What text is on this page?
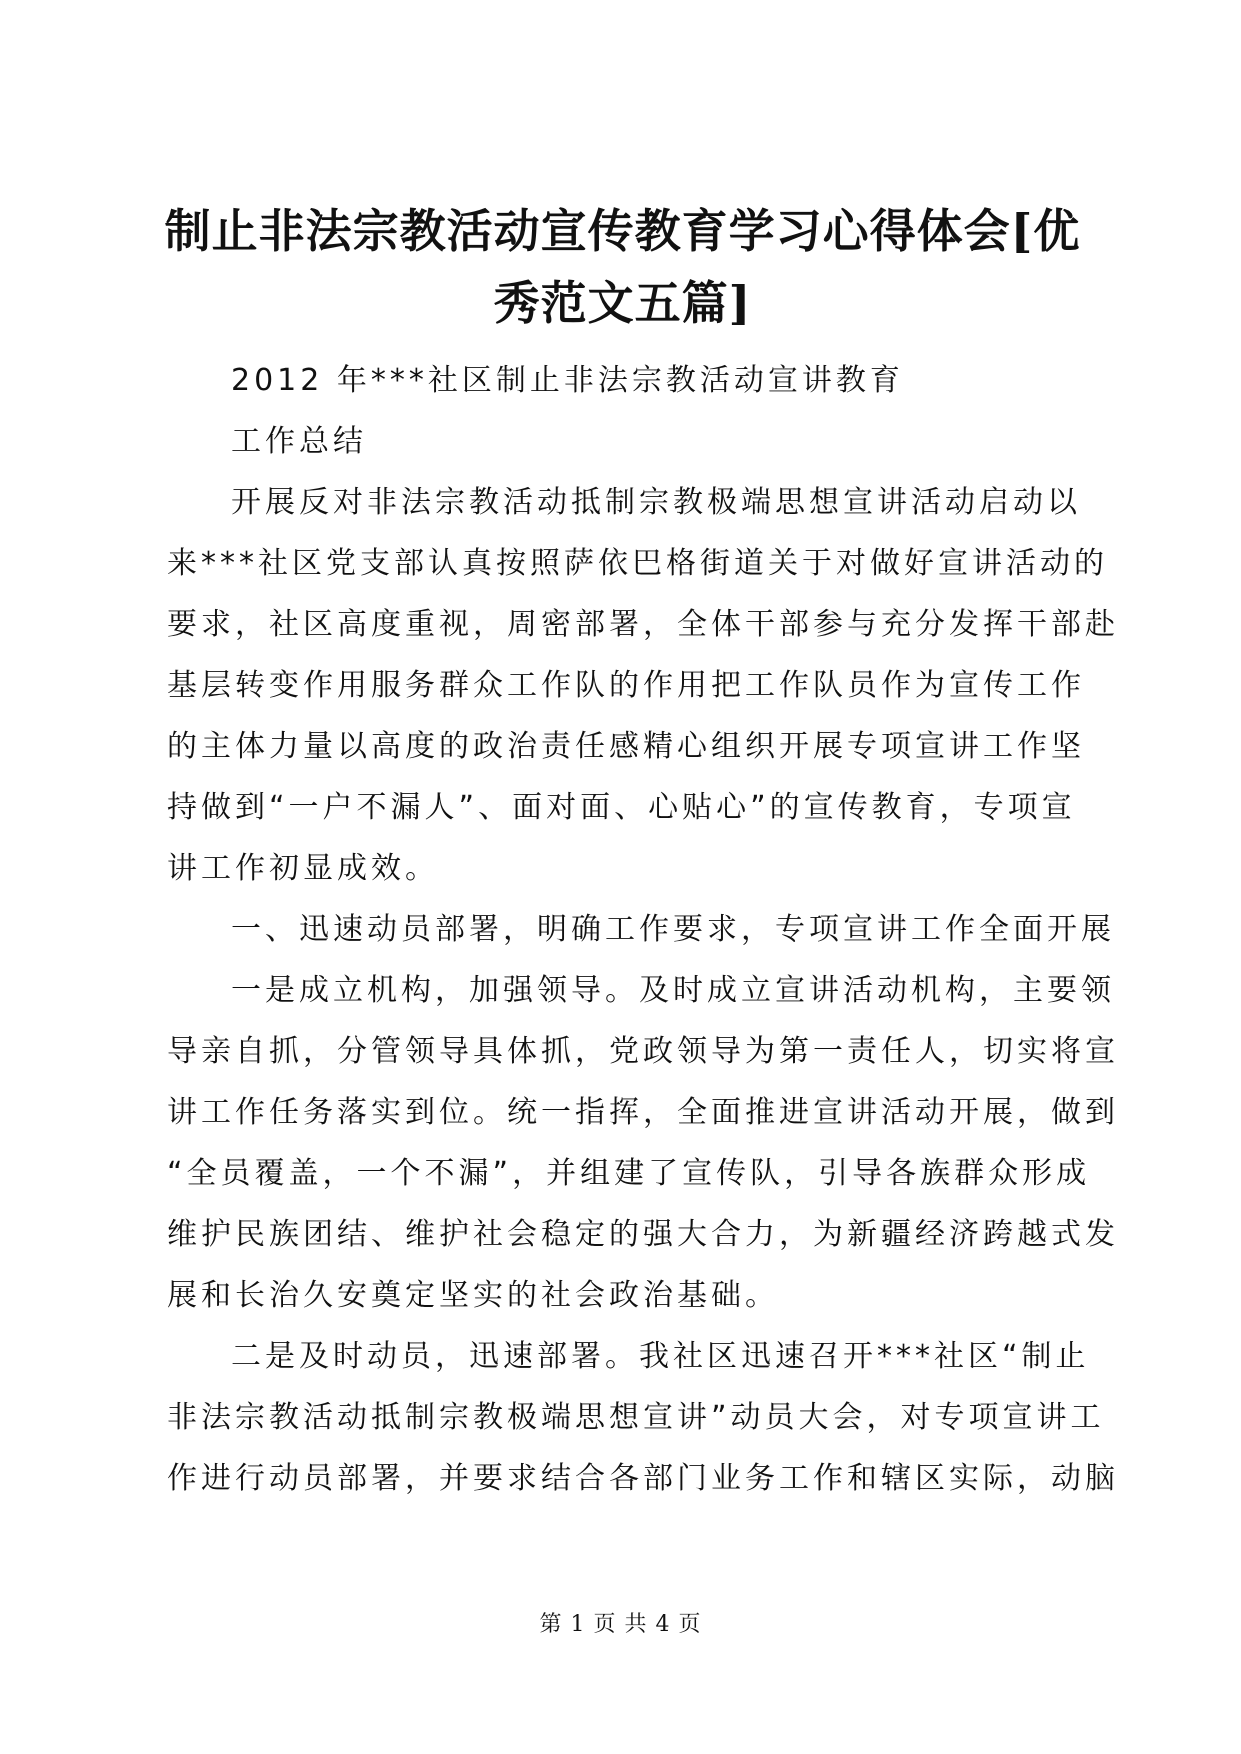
制止非法宗教活动宣传教育学习心得体会[优
秀范文五篇]
2012 年***社区制止非法宗教活动宣讲教育
工作总结
开展反对非法宗教活动抵制宗教极端思想宣讲活动启动以
来***社区党支部认真按照萨依巴格街道关于对做好宣讲活动的
要求，社区高度重视，周密部署，全体干部参与充分发挥干部赴
基层转变作用服务群众工作队的作用把工作队员作为宣传工作
的主体力量以高度的政治责任感精心组织开展专项宣讲工作坚
持做到“一户不漏人”、面对面、心贴心”的宣传教育，专项宣
讲工作初显成效。
一、迅速动员部署，明确工作要求，专项宣讲工作全面开展
一是成立机构，加强领导。及时成立宣讲活动机构，主要领
导亲自抓，分管领导具体抓，党政领导为第一责任人，切实将宣
讲工作任务落实到位。统一指挥，全面推进宣讲活动开展，做到
“全员覆盖，一个不漏”，并组建了宣传队，引导各族群众形成
维护民族团结、维护社会稳定的强大合力，为新疆经济跨越式发
展和长治久安奠定坚实的社会政治基础。
二是及时动员，迅速部署。我社区迅速召开***社区“制止
非法宗教活动抵制宗教极端思想宣讲”动员大会，对专项宣讲工
作进行动员部署，并要求结合各部门业务工作和辖区实际，动脑
第 1 页 共 4 页
